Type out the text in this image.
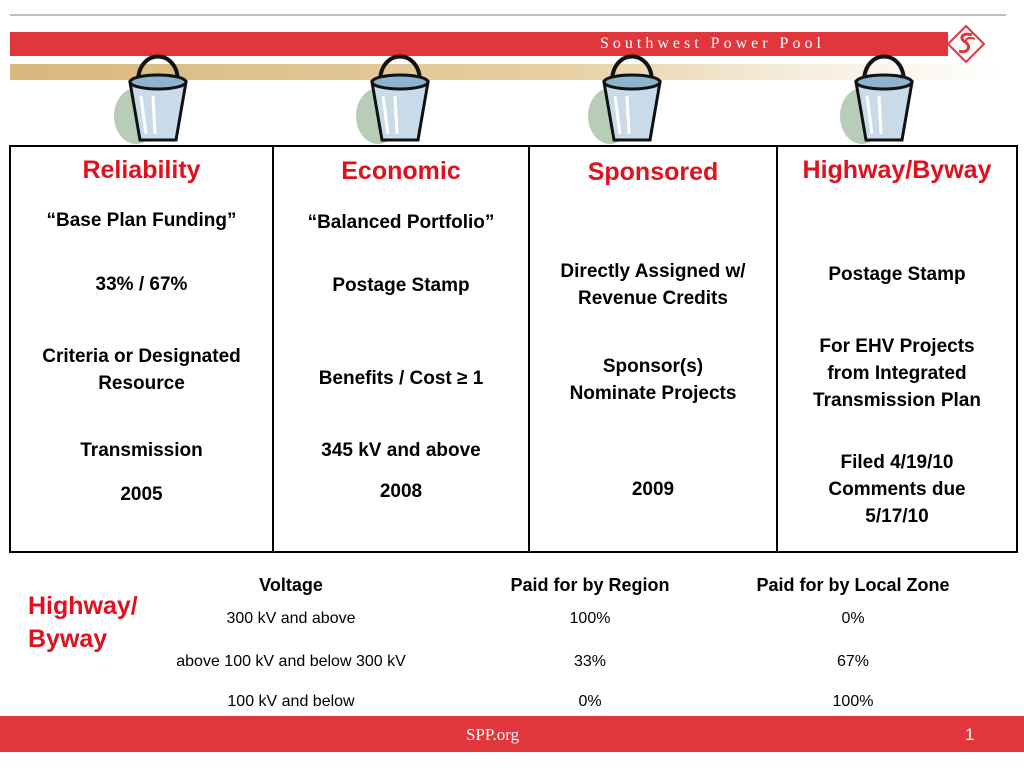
Southwest Power Pool
Reliability
“Base Plan Funding”
33% / 67%
Criteria or Designated
Resource
Transmission
2005

Economic
“Balanced Portfolio”
Postage Stamp
Benefits / Cost ≥ 1
345 kV and above
2008

Sponsored
Directly Assigned w/
Revenue Credits
Sponsor(s)
Nominate Projects
2009

Highway/Byway
Postage Stamp
For EHV Projects
from Integrated
Transmission Plan
Filed 4/19/10
Comments due
5/17/10
Highway/
Byway
Voltage	Paid for by Region	Paid for by Local Zone
300 kV and above	100%	0%
above 100 kV and below 300 kV	33%	67%
100 kV and below	0%	100%
SPP.org	1
